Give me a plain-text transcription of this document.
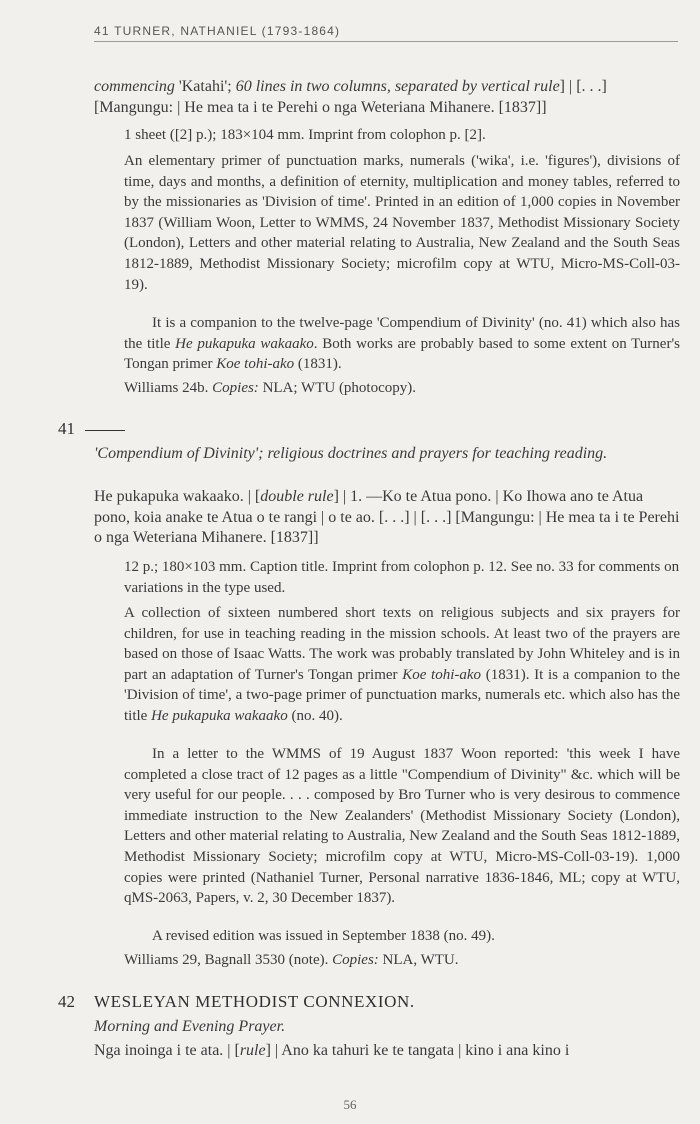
41 TURNER, NATHANIEL (1793-1864)
commencing 'Katahi'; 60 lines in two columns, separated by vertical rule] | [. . .] [Mangungu: | He mea ta i te Perehi o nga Weteriana Mihanere. [1837]]
1 sheet ([2] p.); 183×104 mm. Imprint from colophon p. [2].
An elementary primer of punctuation marks, numerals ('wika', i.e. 'figures'), divisions of time, days and months, a definition of eternity, multiplication and money tables, referred to by the missionaries as 'Division of time'. Printed in an edition of 1,000 copies in November 1837 (William Woon, Letter to WMMS, 24 November 1837, Methodist Missionary Society (London), Letters and other material relating to Australia, New Zealand and the South Seas 1812-1889, Methodist Missionary Society; microfilm copy at WTU, Micro-MS-Coll-03-19).
It is a companion to the twelve-page 'Compendium of Divinity' (no. 41) which also has the title He pukapuka wakaako. Both works are probably based to some extent on Turner's Tongan primer Koe tohi-ako (1831).
Williams 24b. Copies: NLA; WTU (photocopy).
41
'Compendium of Divinity'; religious doctrines and prayers for teaching reading.
He pukapuka wakaako. | [double rule] | 1. —Ko te Atua pono. | Ko Ihowa ano te Atua pono, koia anake te Atua o te rangi | o te ao. [. . .] | [. . .] [Mangungu: | He mea ta i te Perehi o nga Weteriana Mihanere. [1837]]
12 p.; 180×103 mm. Caption title. Imprint from colophon p. 12. See no. 33 for comments on variations in the type used.
A collection of sixteen numbered short texts on religious subjects and six prayers for children, for use in teaching reading in the mission schools. At least two of the prayers are based on those of Isaac Watts. The work was probably translated by John Whiteley and is in part an adaptation of Turner's Tongan primer Koe tohi-ako (1831). It is a companion to the 'Division of time', a two-page primer of punctuation marks, numerals etc. which also has the title He pukapuka wakaako (no. 40).
In a letter to the WMMS of 19 August 1837 Woon reported: 'this week I have completed a close tract of 12 pages as a little "Compendium of Divinity" &c. which will be very useful for our people. . . . composed by Bro Turner who is very desirous to commence immediate instruction to the New Zealanders' (Methodist Missionary Society (London), Letters and other material relating to Australia, New Zealand and the South Seas 1812-1889, Methodist Missionary Society; microfilm copy at WTU, Micro-MS-Coll-03-19). 1,000 copies were printed (Nathaniel Turner, Personal narrative 1836-1846, ML; copy at WTU, qMS-2063, Papers, v. 2, 30 December 1837).
A revised edition was issued in September 1838 (no. 49).
Williams 29, Bagnall 3530 (note). Copies: NLA, WTU.
42 WESLEYAN METHODIST CONNEXION.
Morning and Evening Prayer.
Nga inoinga i te ata. | [rule] | Ano ka tahuri ke te tangata | kino i ana kino i
56
